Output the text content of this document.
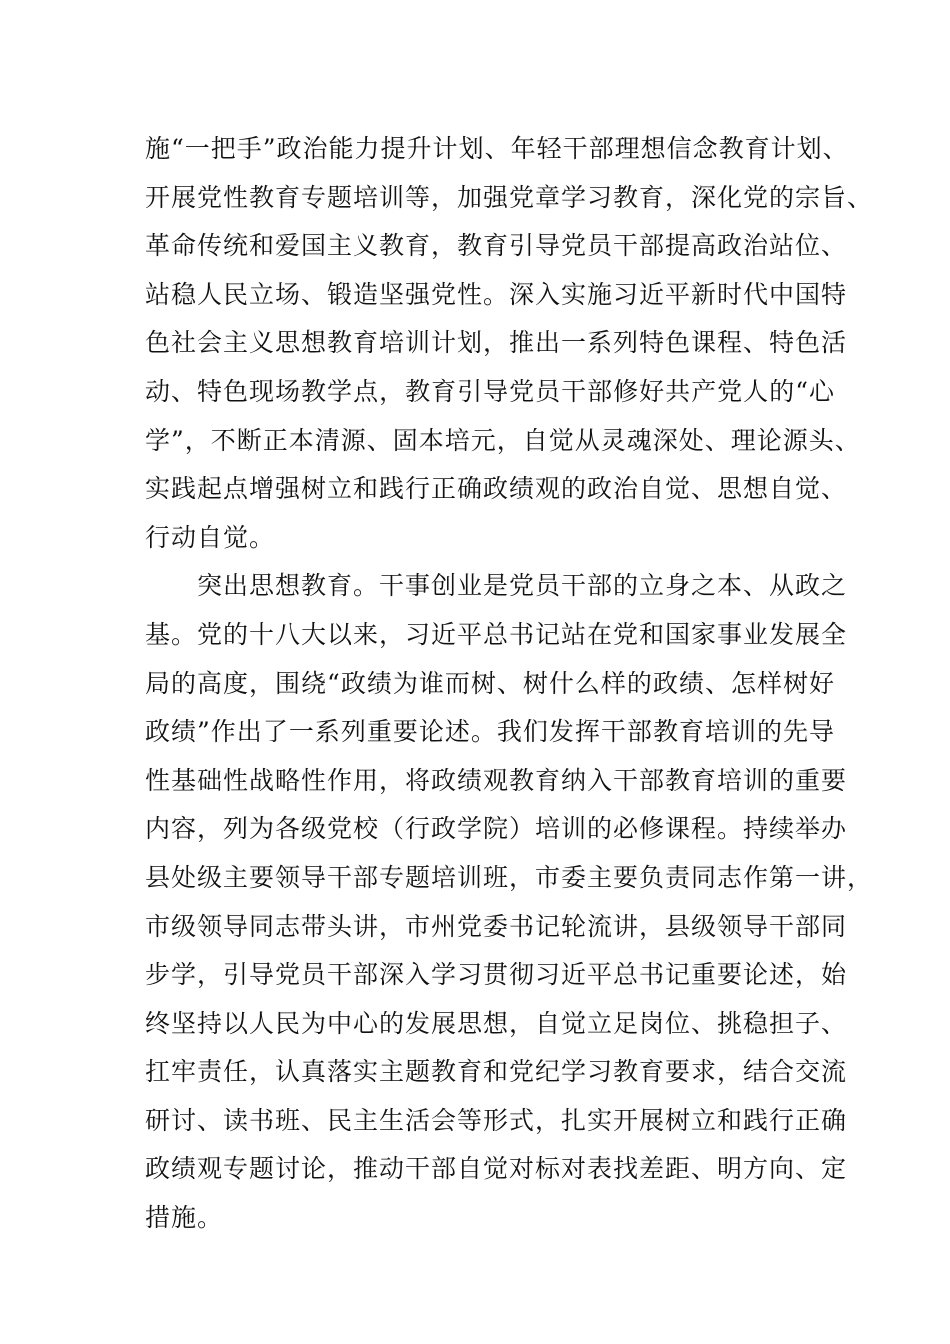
施“一把手”政治能力提升计划、年轻干部理想信念教育计划、
开展党性教育专题培训等，加强党章学习教育，深化党的宗旨、
革命传统和爱国主义教育，教育引导党员干部提高政治站位、
站稳人民立场、锻造坚强党性。深入实施习近平新时代中国特
色社会主义思想教育培训计划，推出一系列特色课程、特色活
动、特色现场教学点，教育引导党员干部修好共产党人的“心
学”，不断正本清源、固本培元，自觉从灵魂深处、理论源头、
实践起点增强树立和践行正确政绩观的政治自觉、思想自觉、
行动自觉。
　　突出思想教育。干事创业是党员干部的立身之本、从政之
基。党的十八大以来，习近平总书记站在党和国家事业发展全
局的高度，围绕“政绩为谁而树、树什么样的政绩、怎样树好
政绩”作出了一系列重要论述。我们发挥干部教育培训的先导
性基础性战略性作用，将政绩观教育纳入干部教育培训的重要
内容，列为各级党校（行政学院）培训的必修课程。持续举办
县处级主要领导干部专题培训班，市委主要负责同志作第一讲，
市级领导同志带头讲，市州党委书记轮流讲，县级领导干部同
步学，引导党员干部深入学习贯彻习近平总书记重要论述，始
终坚持以人民为中心的发展思想，自觉立足岗位、挑稳担子、
扛牢责任，认真落实主题教育和党纪学习教育要求，结合交流
研讨、读书班、民主生活会等形式，扎实开展树立和践行正确
政绩观专题讨论，推动干部自觉对标对表找差距、明方向、定
措施。
